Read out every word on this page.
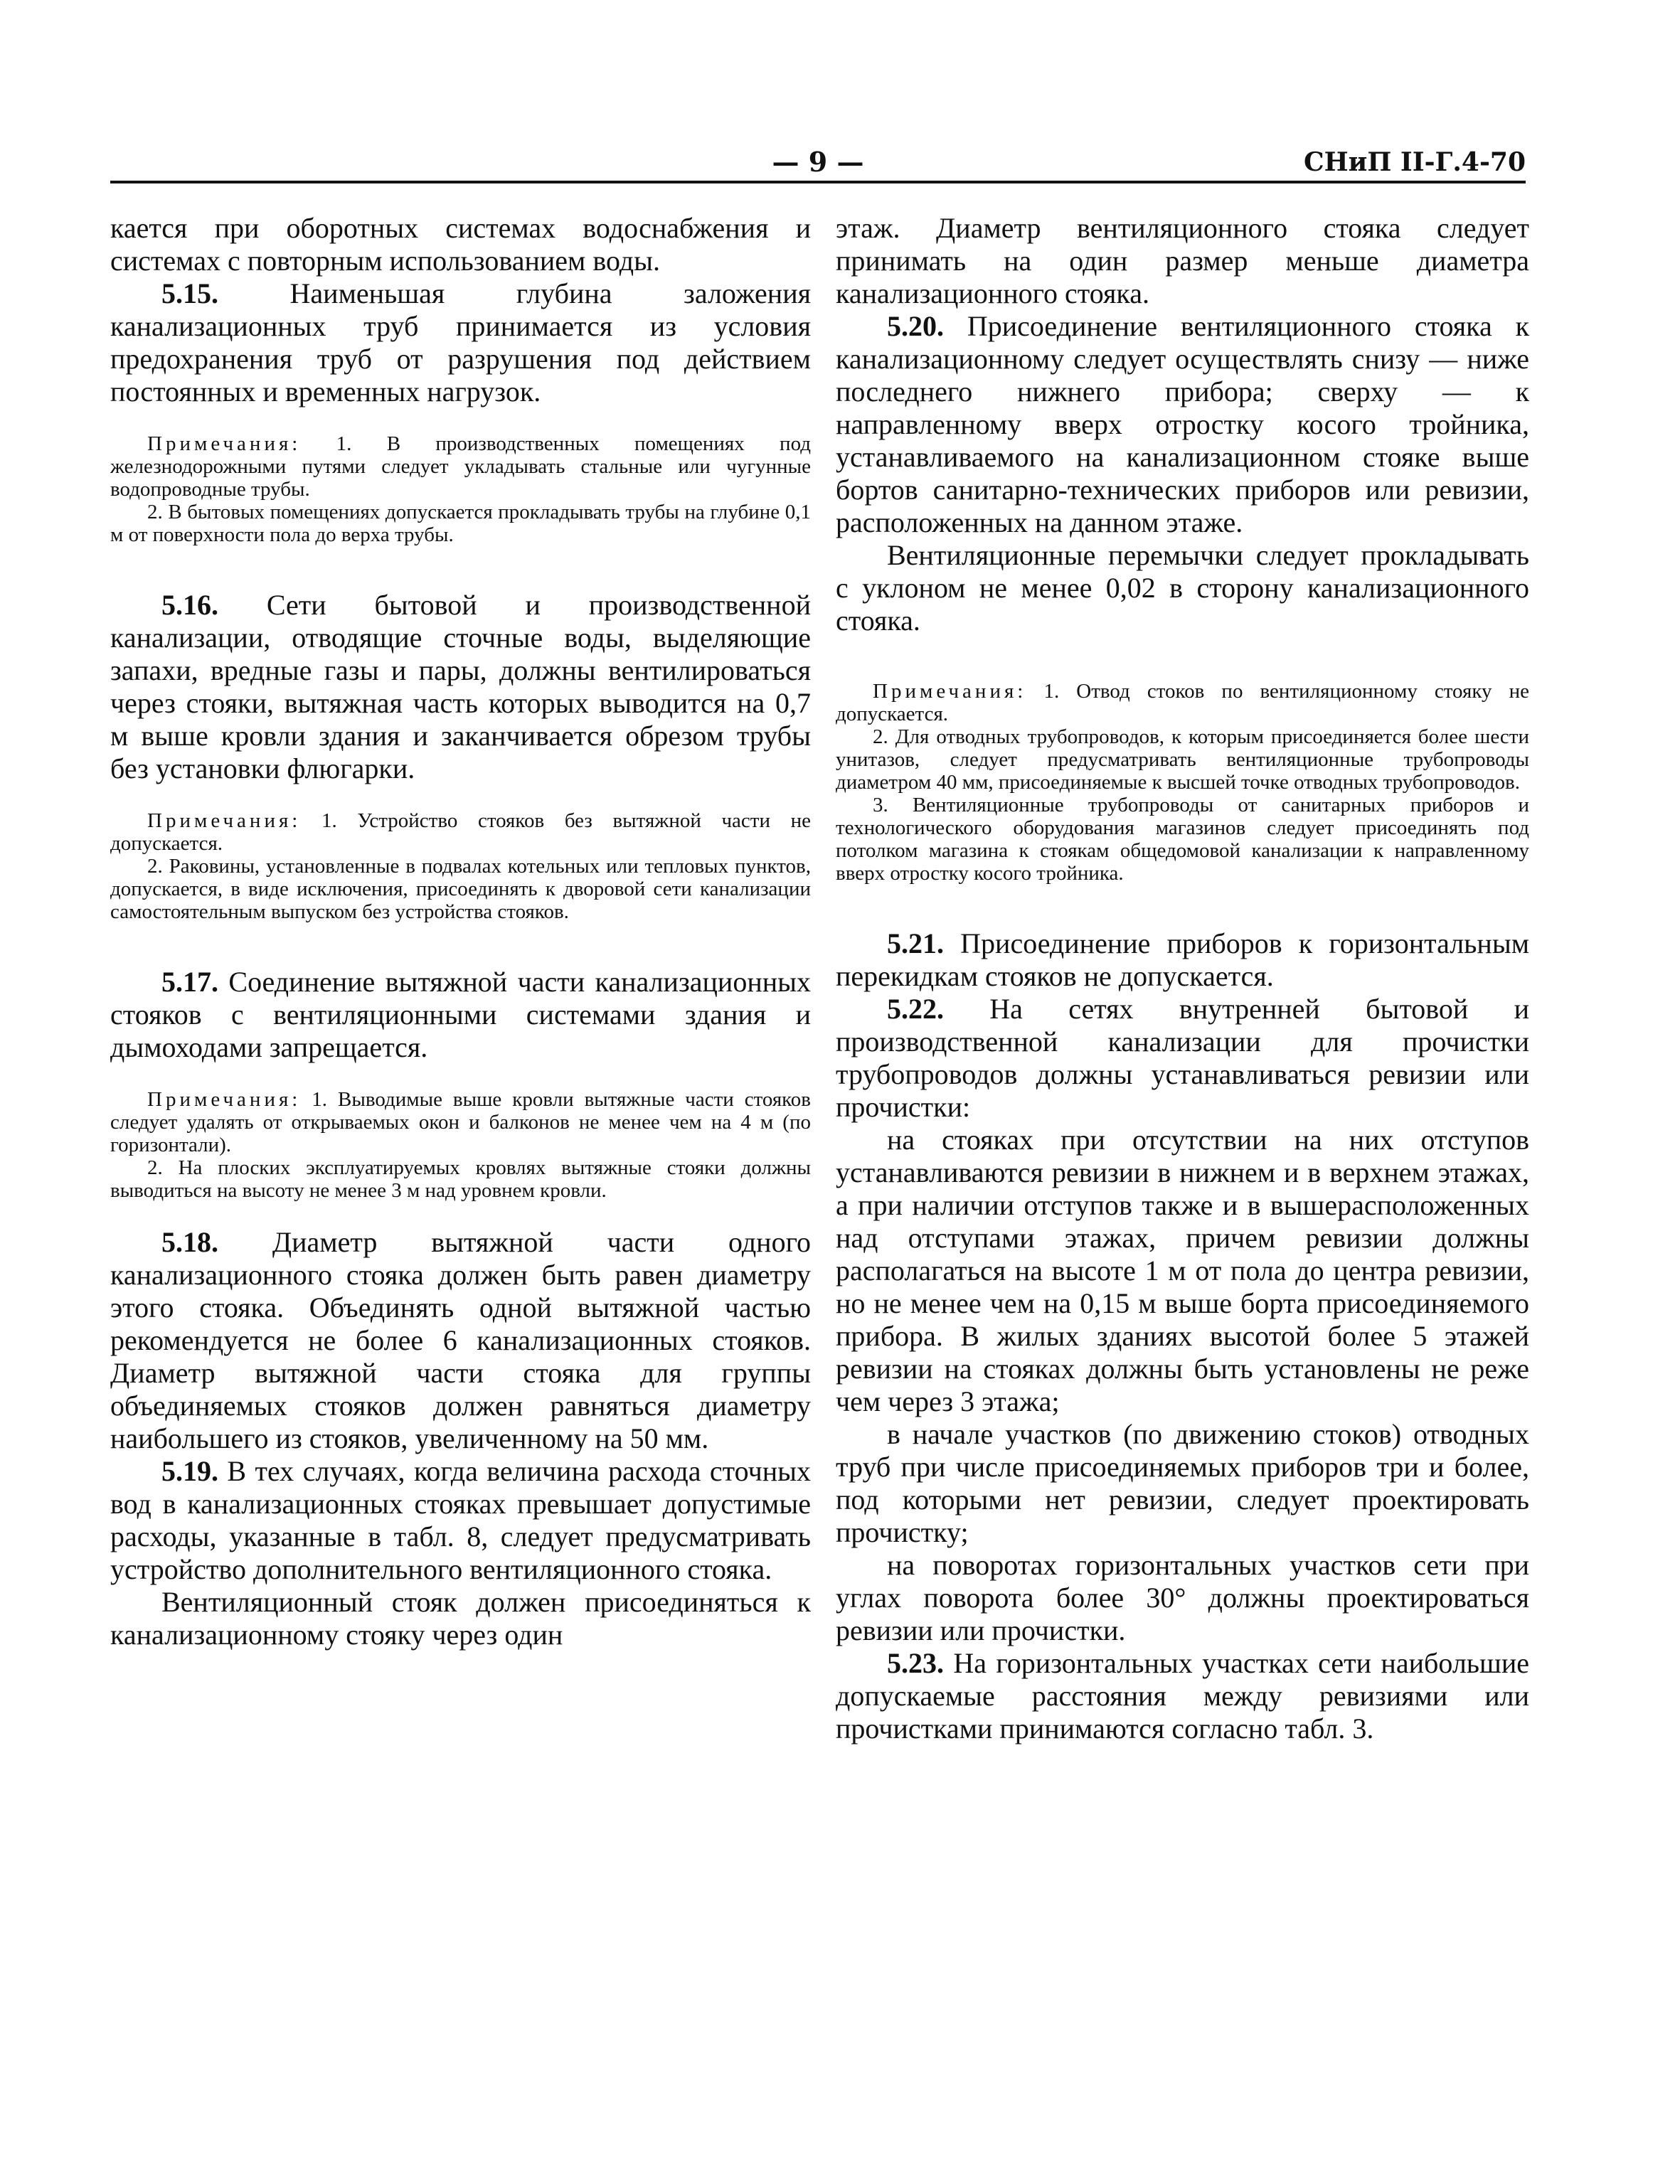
— 9 —	СНиП II-Г.4-70

кается при оборотных системах водоснабжения и системах с повторным использованием воды.

5.15. Наименьшая глубина заложения канализационных труб принимается из условия предохранения труб от разрушения под действием постоянных и временных нагрузок.

Примечания: 1. В производственных помещениях под железнодорожными путями следует укладывать стальные или чугунные водопроводные трубы.

2. В бытовых помещениях допускается прокладывать трубы на глубине 0,1 м от поверхности пола до верха трубы.

5.16. Сети бытовой и производственной канализации, отводящие сточные воды, выделяющие запахи, вредные газы и пары, должны вентилироваться через стояки, вытяжная часть которых выводится на 0,7 м выше кровли здания и заканчивается обрезом трубы без установки флюгарки.

Примечания: 1. Устройство стояков без вытяжной части не допускается.

2. Раковины, установленные в подвалах котельных или тепловых пунктов, допускается, в виде исключения, присоединять к дворовой сети канализации самостоятельным выпуском без устройства стояков.

5.17. Соединение вытяжной части канализационных стояков с вентиляционными системами здания и дымоходами запрещается.

Примечания: 1. Выводимые выше кровли вытяжные части стояков следует удалять от открываемых окон и балконов не менее чем на 4 м (по горизонтали).

2. На плоских эксплуатируемых кровлях вытяжные стояки должны выводиться на высоту не менее 3 м над уровнем кровли.

5.18. Диаметр вытяжной части одного канализационного стояка должен быть равен диаметру этого стояка. Объединять одной вытяжной частью рекомендуется не более 6 канализационных стояков. Диаметр вытяжной части стояка для группы объединяемых стояков должен равняться диаметру наибольшего из стояков, увеличенному на 50 мм.

5.19. В тех случаях, когда величина расхода сточных вод в канализационных стояках превышает допустимые расходы, указанные в табл. 8, следует предусматривать устройство дополнительного вентиляционного стояка.

Вентиляционный стояк должен присоединяться к канализационному стояку через один

этаж. Диаметр вентиляционного стояка следует принимать на один размер меньше диаметра канализационного стояка.

5.20. Присоединение вентиляционного стояка к канализационному следует осуществлять снизу — ниже последнего нижнего прибора; сверху — к направленному вверх отростку косого тройника, устанавливаемого на канализационном стояке выше бортов санитарно-технических приборов или ревизии, расположенных на данном этаже.

Вентиляционные перемычки следует прокладывать с уклоном не менее 0,02 в сторону канализационного стояка.

Примечания: 1. Отвод стоков по вентиляционному стояку не допускается.

2. Для отводных трубопроводов, к которым присоединяется более шести унитазов, следует предусматривать вентиляционные трубопроводы диаметром 40 мм, присоединяемые к высшей точке отводных трубопроводов.

3. Вентиляционные трубопроводы от санитарных приборов и технологического оборудования магазинов следует присоединять под потолком магазина к стоякам общедомовой канализации к направленному вверх отростку косого тройника.

5.21. Присоединение приборов к горизонтальным перекидкам стояков не допускается.

5.22. На сетях внутренней бытовой и производственной канализации для прочистки трубопроводов должны устанавливаться ревизии или прочистки:

на стояках при отсутствии на них отступов устанавливаются ревизии в нижнем и в верхнем этажах, а при наличии отступов также и в вышерасположенных над отступами этажах, причем ревизии должны располагаться на высоте 1 м от пола до центра ревизии, но не менее чем на 0,15 м выше борта присоединяемого прибора. В жилых зданиях высотой более 5 этажей ревизии на стояках должны быть установлены не реже чем через 3 этажа;

в начале участков (по движению стоков) отводных труб при числе присоединяемых приборов три и более, под которыми нет ревизии, следует проектировать прочистку;

на поворотах горизонтальных участков сети при углах поворота более 30° должны проектироваться ревизии или прочистки.

5.23. На горизонтальных участках сети наибольшие допускаемые расстояния между ревизиями или прочистками принимаются согласно табл. 3.
